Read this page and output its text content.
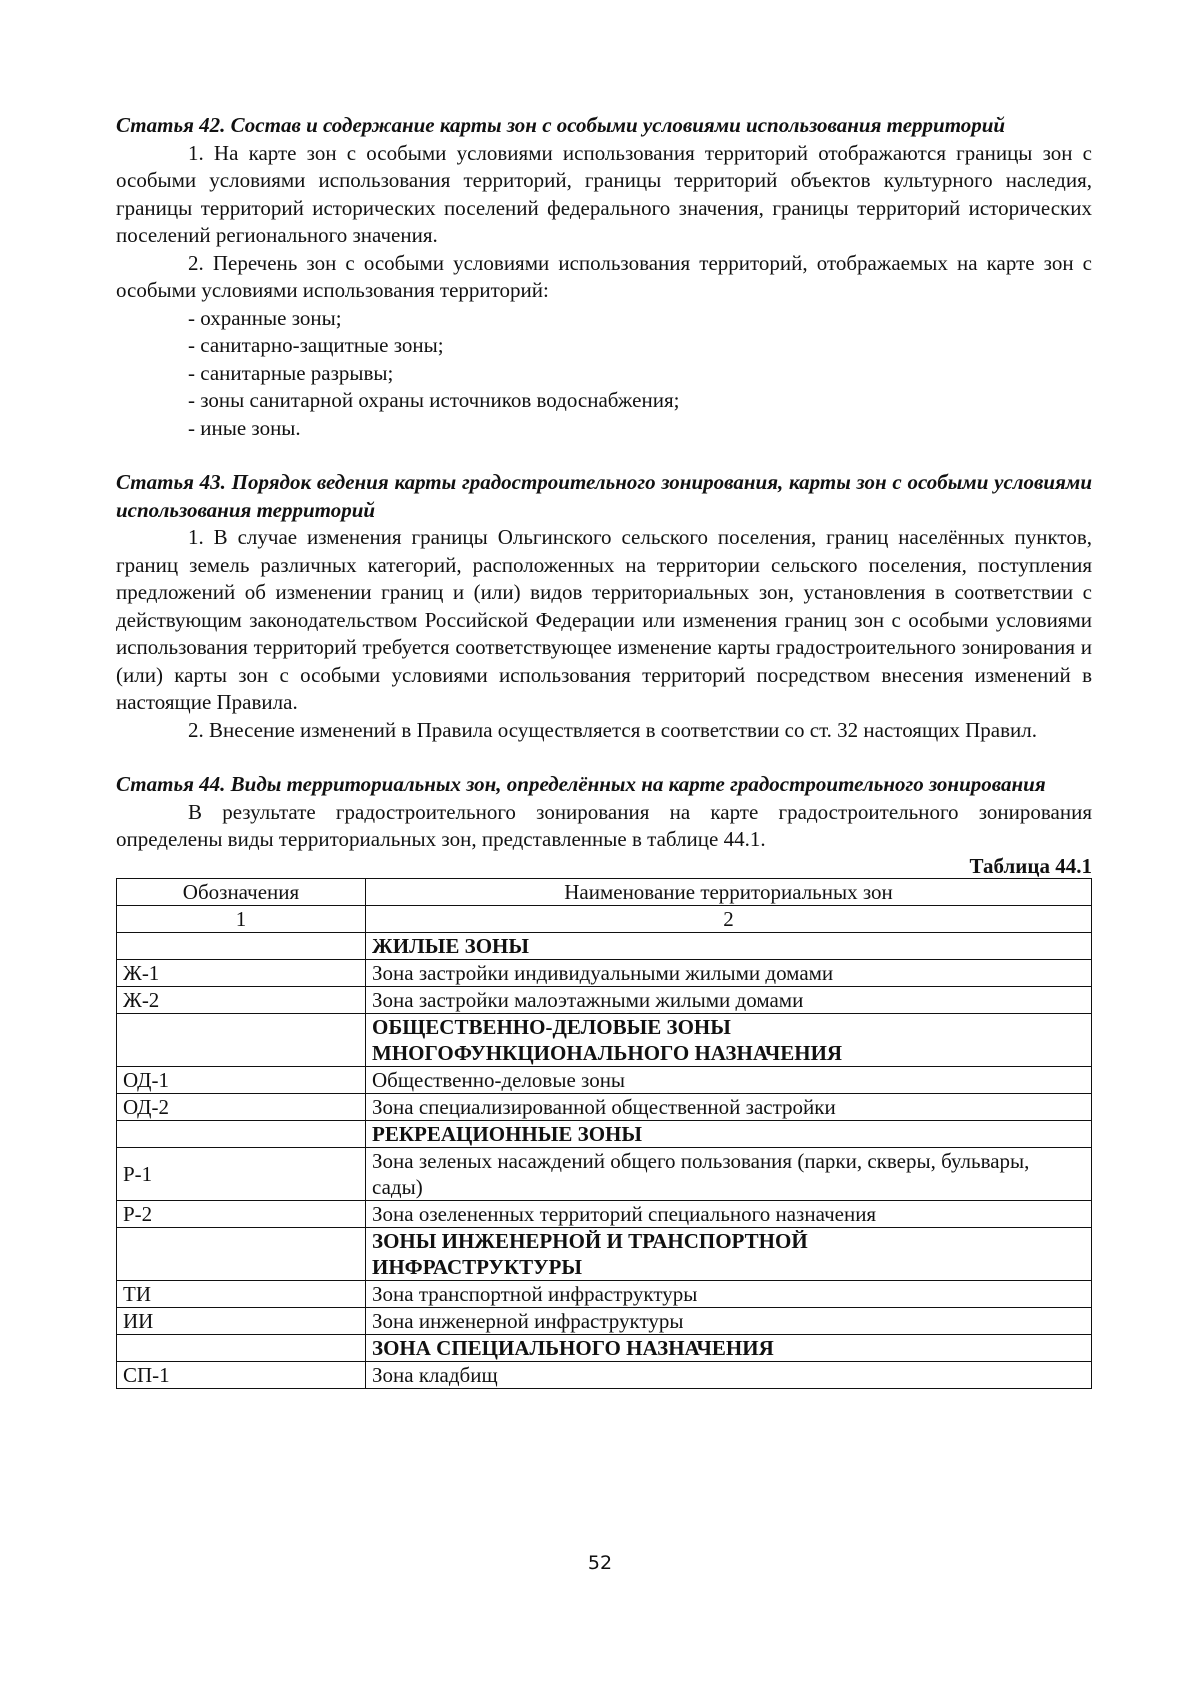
Статья 42. Состав и содержание карты зон с особыми условиями использования территорий
1. На карте зон с особыми условиями использования территорий отображаются границы зон с особыми условиями использования территорий, границы территорий объектов культурного наследия, границы территорий исторических поселений федерального значения, границы территорий исторических поселений регионального значения.
2. Перечень зон с особыми условиями использования территорий, отображаемых на карте зон с особыми условиями использования территорий:
- охранные зоны;
- санитарно-защитные зоны;
- санитарные разрывы;
- зоны санитарной охраны источников водоснабжения;
- иные зоны.
Статья 43. Порядок ведения карты градостроительного зонирования, карты зон с особыми условиями использования территорий
1. В случае изменения границы Ольгинского сельского поселения, границ населённых пунктов, границ земель различных категорий, расположенных на территории сельского поселения, поступления предложений об изменении границ и (или) видов территориальных зон, установления в соответствии с действующим законодательством Российской Федерации или изменения границ зон с особыми условиями использования территорий требуется соответствующее изменение карты градостроительного зонирования и (или) карты зон с особыми условиями использования территорий посредством внесения изменений в настоящие Правила.
2. Внесение изменений в Правила осуществляется в соответствии со ст. 32 настоящих Правил.
Статья 44. Виды территориальных зон, определённых на карте градостроительного зонирования
В результате градостроительного зонирования на карте градостроительного зонирования определены виды территориальных зон, представленные в таблице 44.1.
Таблица 44.1
Обозначения	Наименование территориальных зон
1	2
	ЖИЛЫЕ ЗОНЫ
Ж-1	Зона застройки индивидуальными жилыми домами
Ж-2	Зона застройки малоэтажными жилыми домами

	ОБЩЕСТВЕННО-ДЕЛОВЫЕ ЗОНЫ
МНОГОФУНКЦИОНАЛЬНОГО НАЗНАЧЕНИЯ

ОД-1	Общественно-деловые зоны
ОД-2	Зона специализированной общественной застройки
	РЕКРЕАЦИОННЫЕ ЗОНЫ
Р-1	Зона зеленых насаждений общего пользования (парки, скверы, бульвары, сады)
Р-2	Зона озелененных территорий специального назначения

	ЗОНЫ ИНЖЕНЕРНОЙ И ТРАНСПОРТНОЙ
ИНФРАСТРУКТУРЫ

ТИ	Зона транспортной инфраструктуры
ИИ	Зона инженерной инфраструктуры
	ЗОНА СПЕЦИАЛЬНОГО НАЗНАЧЕНИЯ
СП-1	Зона кладбищ
52
